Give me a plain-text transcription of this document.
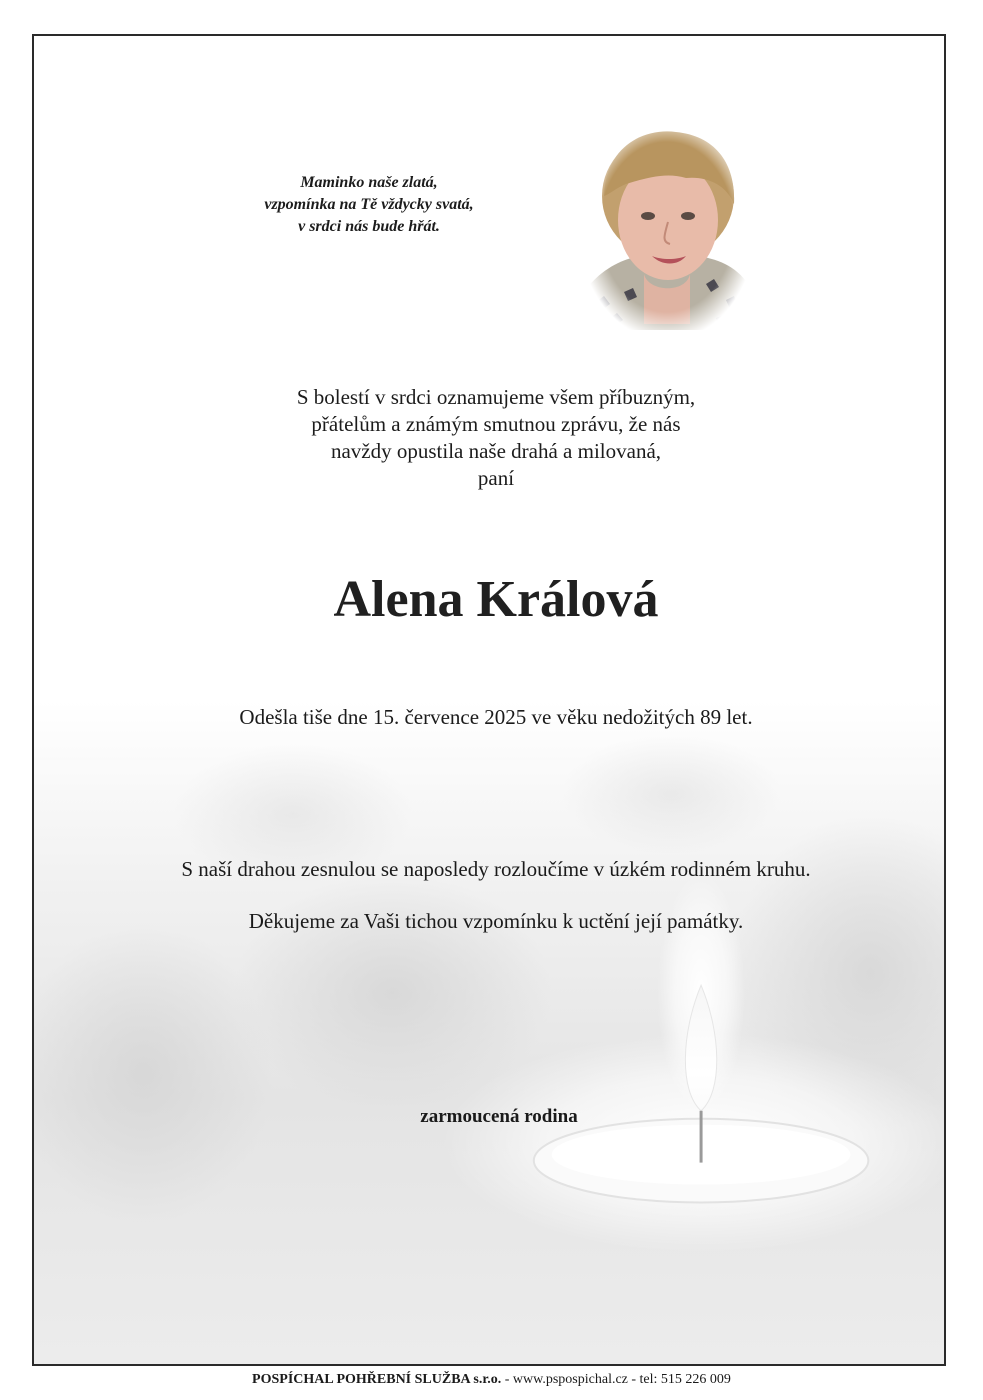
Maminko naše zlatá,
vzpomínka na Tě vždycky svatá,
v srdci nás bude hřát.
S bolestí v srdci oznamujeme všem příbuzným,
přátelům a známým smutnou zprávu, že nás
navždy opustila naše drahá a milovaná,
paní
Alena Králová
Odešla tiše dne 15. července 2025 ve věku nedožitých 89 let.
S naší drahou zesnulou se naposledy rozloučíme v úzkém rodinném kruhu.
Děkujeme za Vaši tichou vzpomínku k uctění její památky.
zarmoucená rodina
POSPÍCHAL POHŘEBNÍ SLUŽBA s.r.o. - www.pspospichal.cz - tel: 515 226 009
